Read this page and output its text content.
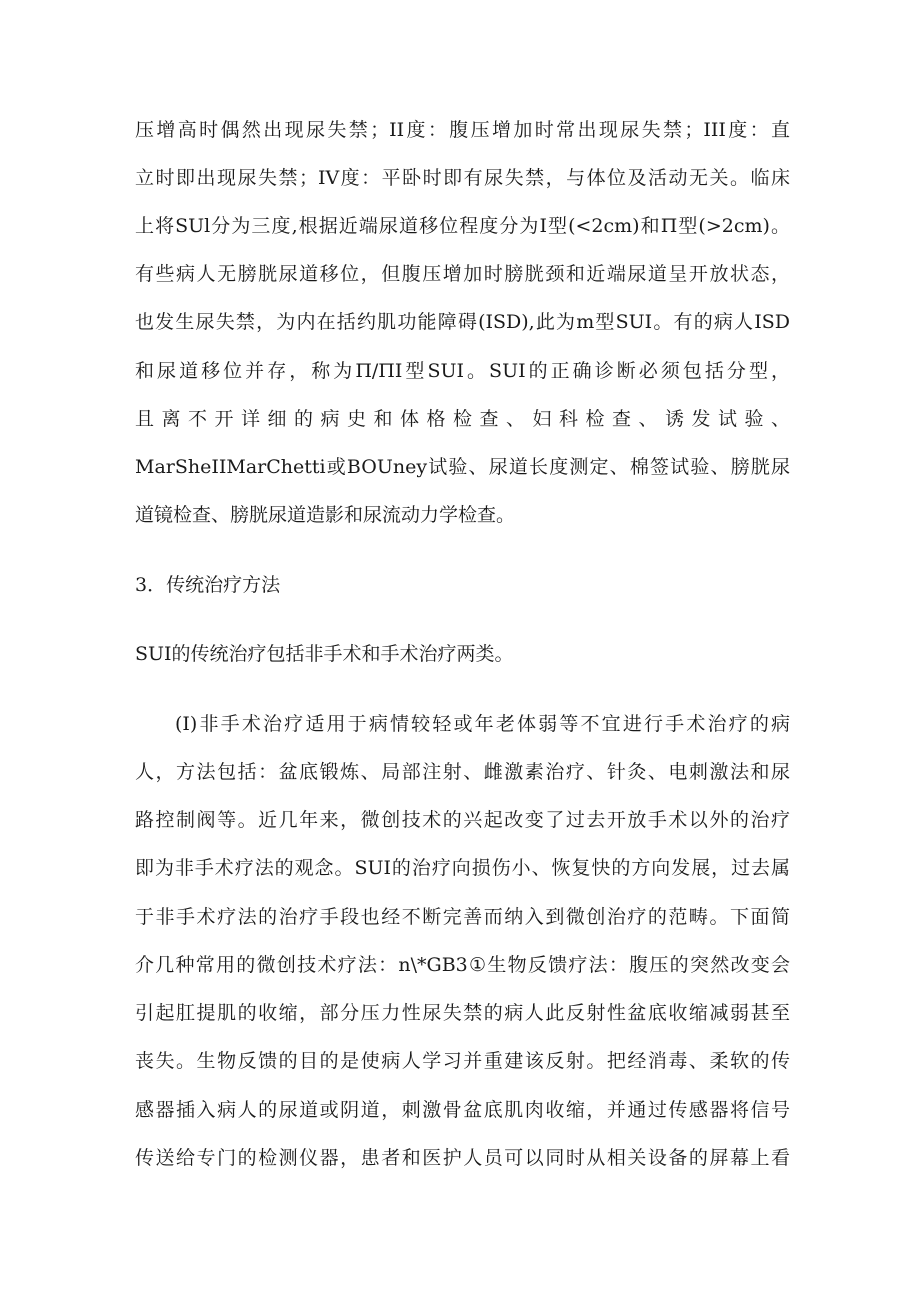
压增高时偶然出现尿失禁；II度：腹压增加时常出现尿失禁；III度：直
立时即出现尿失禁；IV度：平卧时即有尿失禁，与体位及活动无关。临床
上将SUl分为三度,根据近端尿道移位程度分为I型(<2cm)和Π型(>2cm)。
有些病人无膀胱尿道移位，但腹压增加时膀胱颈和近端尿道呈开放状态，
也发生尿失禁，为内在括约肌功能障碍(ISD),此为m型SUI。有的病人ISD
和尿道移位并存，称为Π/ΠI型SUI。SUI的正确诊断必须包括分型，
且离不开详细的病史和体格检查、妇科检查、诱发试验、
MarSheIIMarChetti或BOUney试验、尿道长度测定、棉签试验、膀胱尿
道镜检查、膀胱尿道造影和尿流动力学检查。
3．传统治疗方法
SUI的传统治疗包括非手术和手术治疗两类。
(I)非手术治疗适用于病情较轻或年老体弱等不宜进行手术治疗的病
人，方法包括：盆底锻炼、局部注射、雌激素治疗、针灸、电刺激法和尿
路控制阀等。近几年来，微创技术的兴起改变了过去开放手术以外的治疗
即为非手术疗法的观念。SUI的治疗向损伤小、恢复快的方向发展，过去属
于非手术疗法的治疗手段也经不断完善而纳入到微创治疗的范畴。下面简
介几种常用的微创技术疗法：n\*GB3①生物反馈疗法：腹压的突然改变会
引起肛提肌的收缩，部分压力性尿失禁的病人此反射性盆底收缩减弱甚至
丧失。生物反馈的目的是使病人学习并重建该反射。把经消毒、柔软的传
感器插入病人的尿道或阴道，刺激骨盆底肌肉收缩，并通过传感器将信号
传送给专门的检测仪器，患者和医护人员可以同时从相关设备的屏幕上看
